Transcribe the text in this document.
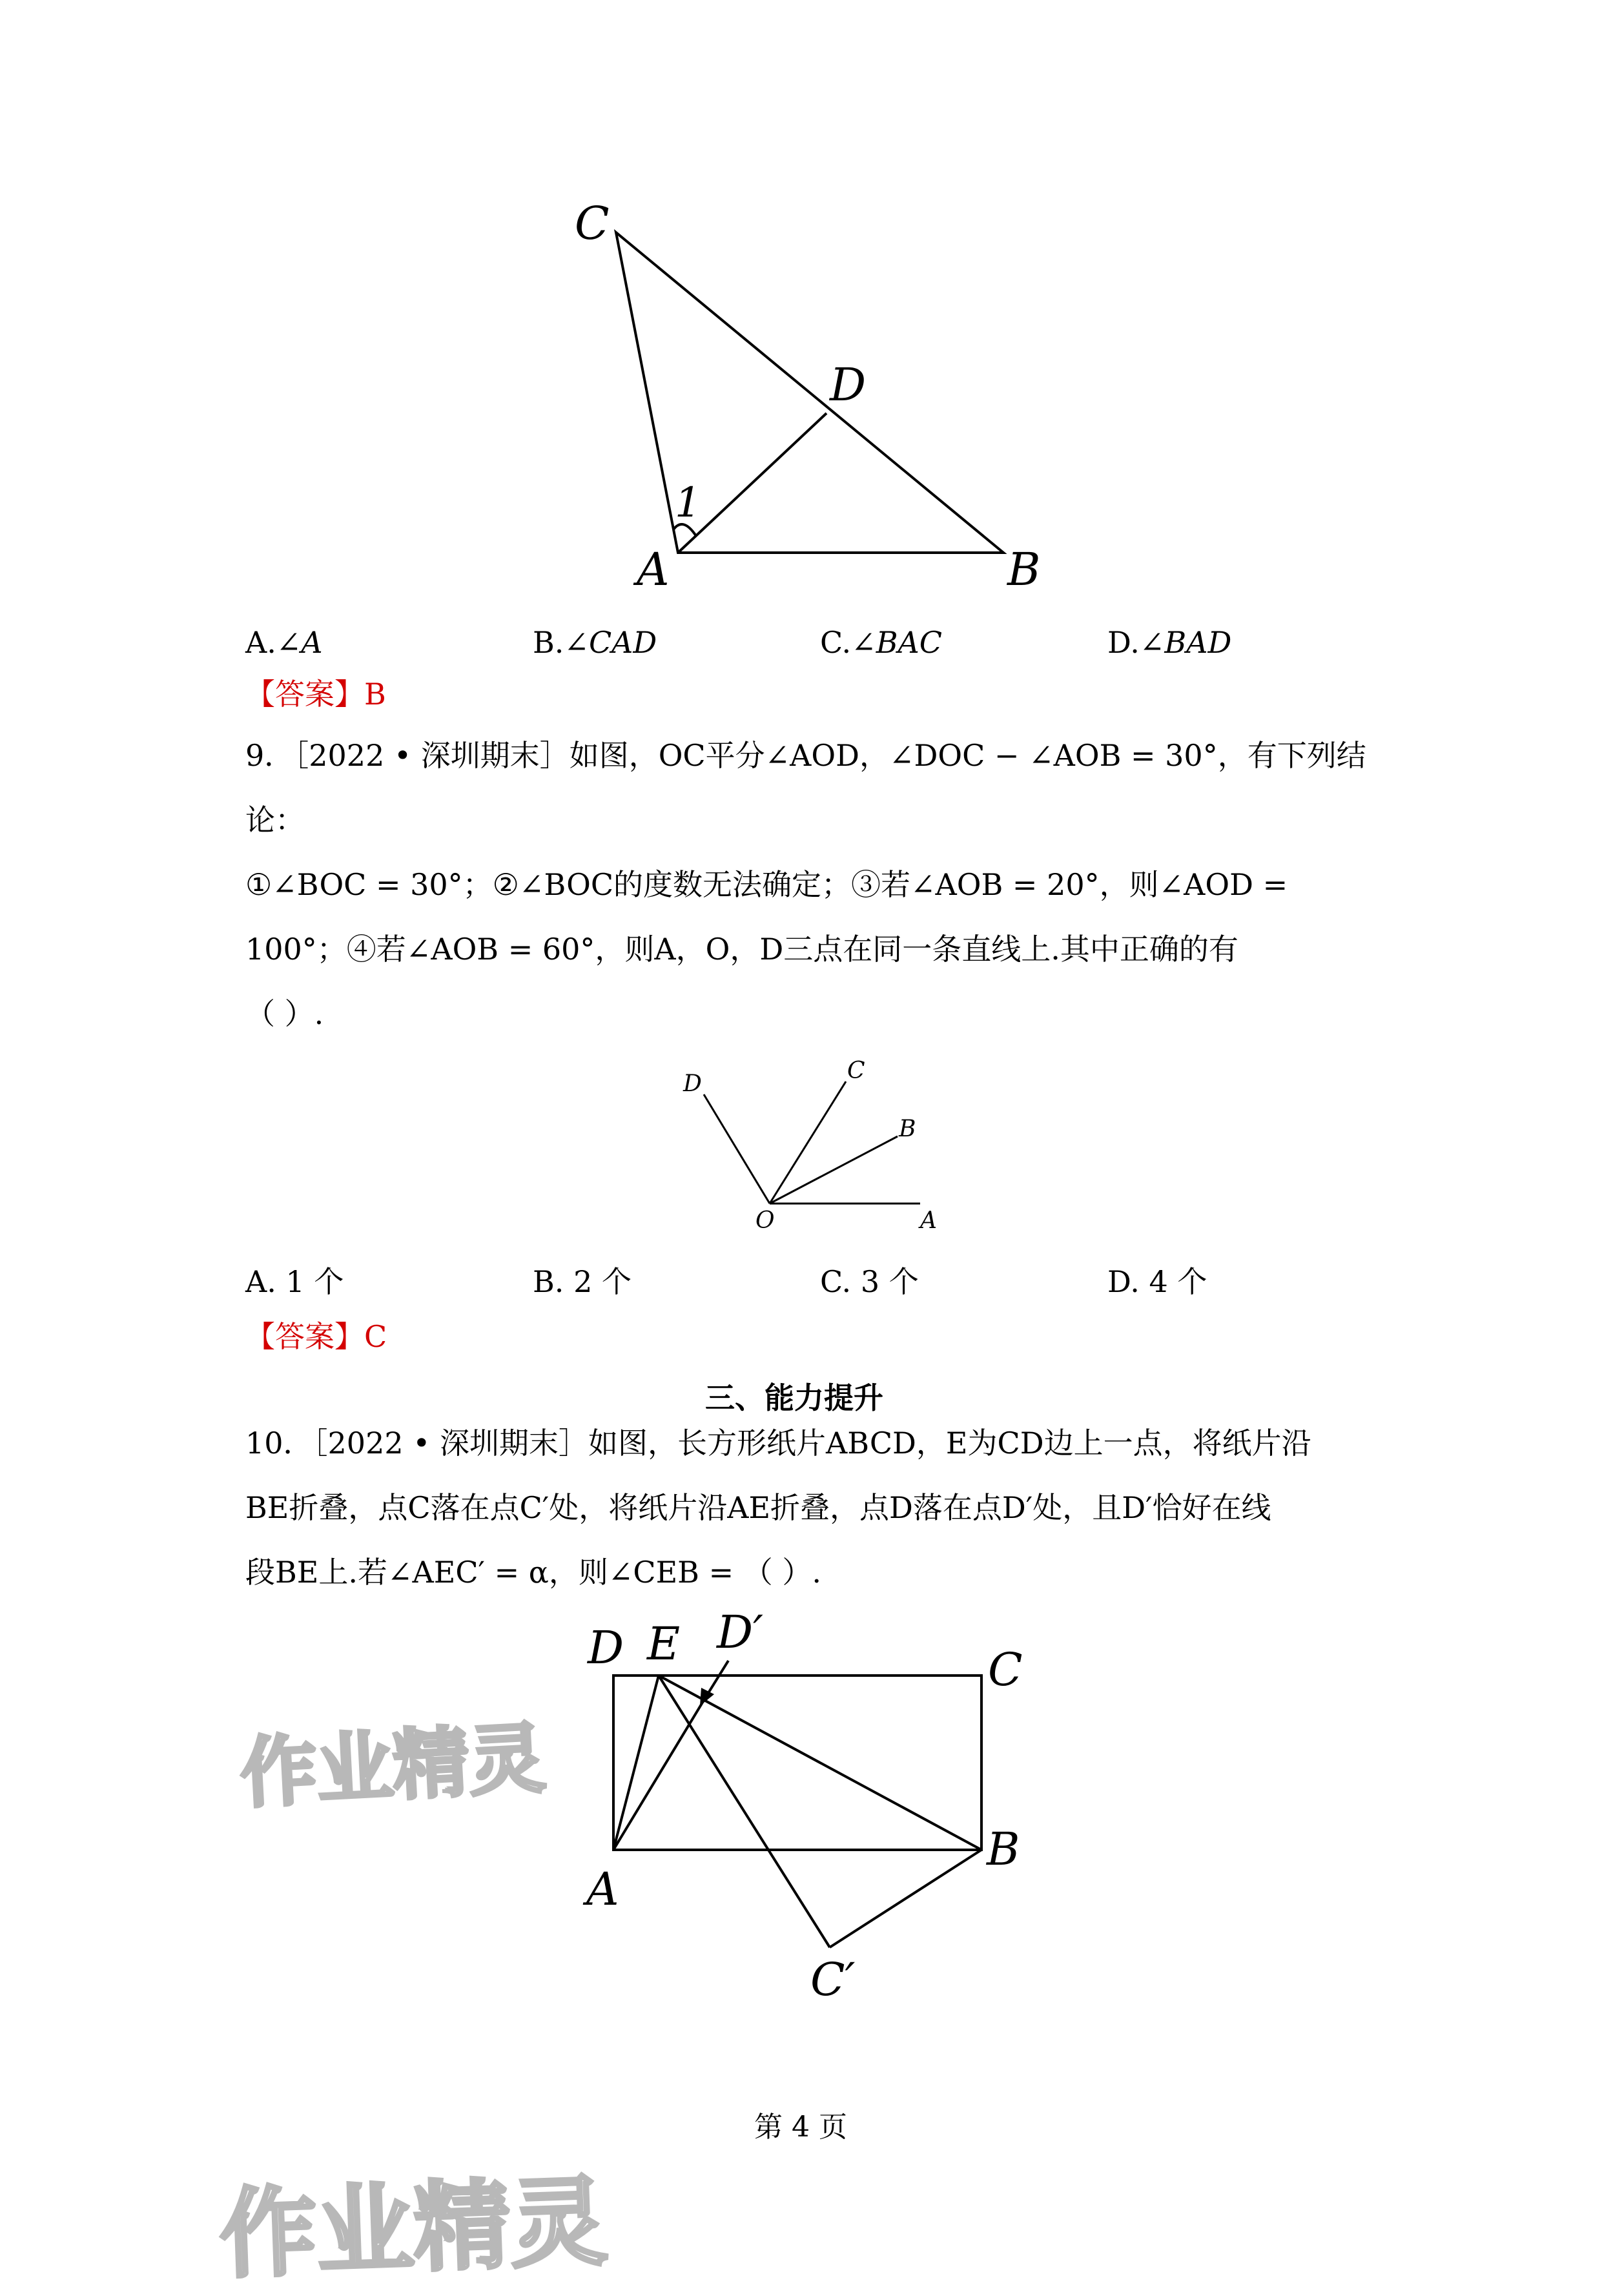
C
D
1
A	B
A.∠A	B.∠CAD	C.∠BAC	D.∠BAD
【答案】B
9．［2022 • 深圳期末］如图，OC平分∠AOD，∠DOC − ∠AOB = 30°，有下列结
论：
①∠BOC = 30°；②∠BOC的度数无法确定；③若∠AOB = 20°，则∠AOD =
100°；④若∠AOB = 60°，则A，O，D三点在同一条直线上.其中正确的有
（ ）.
D	C
B
O	A
A. 1 个	B. 2 个	C. 3 个	D. 4 个
【答案】C
三、能力提升
10．［2022 • 深圳期末］如图，长方形纸片ABCD，E为CD边上一点，将纸片沿
BE折叠，点C落在点C′处，将纸片沿AE折叠，点D落在点D′处，且D′恰好在线
段BE上.若∠AEC′ = α，则∠CEB = （ ）.
D E D′
C
A
B
C′
作业精灵
作业精灵
第 4 页
